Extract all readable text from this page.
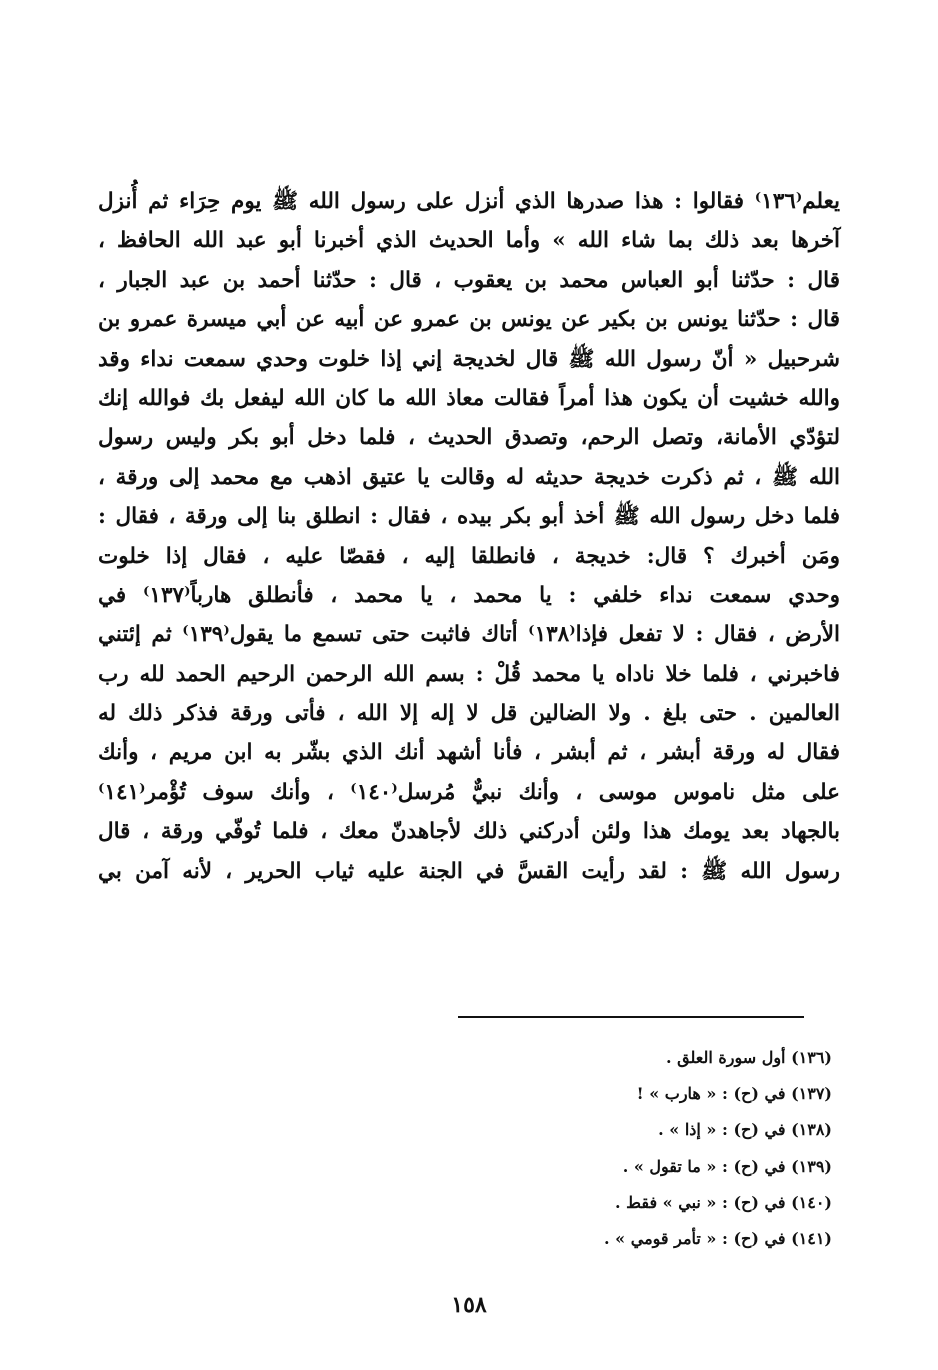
يعلم⁽١٣٦⁾ فقالوا : هذا صدرها الذي أنزل على رسول الله ﷺ يوم حِرَاء ثم أُنزل
آخرها بعد ذلك بما شاء الله » وأما الحديث الذي أخبرنا أبو عبد الله الحافظ ،
قال : حدّثنا أبو العباس محمد بن يعقوب ، قال : حدّثنا أحمد بن عبد الجبار ،
قال : حدّثنا يونس بن بكير عن يونس بن عمرو عن أبيه عن أبي ميسرة عمرو بن
شرحبيل « أنّ رسول الله ﷺ قال لخديجة إني إذا خلوت وحدي سمعت نداء وقد
والله خشيت أن يكون هذا أمراً فقالت معاذ الله ما كان الله ليفعل بك فوالله إنك
لتؤدّي الأمانة، وتصل الرحم، وتصدق الحديث ، فلما دخل أبو بكر وليس رسول
الله ﷺ ، ثم ذكرت خديجة حديثه له وقالت يا عتيق اذهب مع محمد إلى ورقة ،
فلما دخل رسول الله ﷺ أخذ أبو بكر بيده ، فقال : انطلق بنا إلى ورقة ، فقال :
ومَن أخبرك ؟ قال: خديجة ، فانطلقا إليه ، فقصّا عليه ، فقال إذا خلوت
وحدي سمعت نداء خلفي : يا محمد ، يا محمد ، فأنطلق هارباً⁽١٣٧⁾ في
الأرض ، فقال : لا تفعل فإذا⁽١٣٨⁾ أتاك فاثبت حتى تسمع ما يقول⁽١٣٩⁾ ثم إئتني
فاخبرني ، فلما خلا ناداه يا محمد قُلْ : بسم الله الرحمن الرحيم الحمد لله رب
العالمين . حتى بلغ . ولا الضالين قل لا إله إلا الله ، فأتى ورقة فذكر ذلك له
فقال له ورقة أبشر ، ثم أبشر ، فأنا أشهد أنك الذي بشّر به ابن مريم ، وأنك
على مثل ناموس موسى ، وأنك نبيٌّ مُرسل⁽١٤٠⁾ ، وأنك سوف تُؤْمر⁽١٤١⁾
بالجهاد بعد يومك هذا ولئن أدركني ذلك لأجاهدنّ معك ، فلما تُوفّي ورقة ، قال
رسول الله ﷺ : لقد رأيت القسَّ في الجنة عليه ثياب الحرير ، لأنه آمن بي
(١٣٦) أول سورة العلق .
(١٣٧) في (ح) : « هارب » !
(١٣٨) في (ح) : « إذا » .
(١٣٩) في (ح) : « ما تقول » .
(١٤٠) في (ح) : « نبي » فقط .
(١٤١) في (ح) : « تأمر قومي » .
١٥٨
